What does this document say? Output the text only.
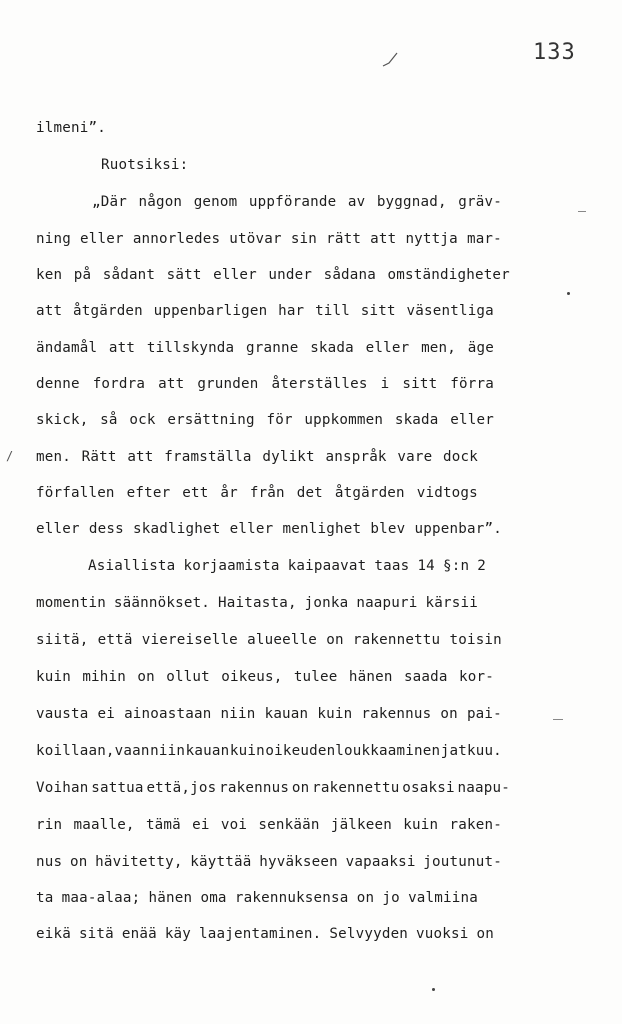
133
/
ilmeni”.
Ruotsiksi:
„Där någon genom uppförande av byggnad, gräv-
ning eller annorledes utövar sin rätt att nyttja mar-
ken på sådant sätt eller under sådana omständigheter
att åtgärden uppenbarligen har till sitt väsentliga
ändamål att tillskynda granne skada eller men, äge
denne fordra att grunden återställes i sitt förra
skick, så ock ersättning för uppkommen skada eller
men. Rätt att framställa dylikt anspråk vare dock
förfallen efter ett år från det åtgärden vidtogs
eller dess skadlighet eller menlighet blev uppenbar”.
Asiallista korjaamista kaipaavat taas 14 §:n 2
momentin säännökset. Haitasta, jonka naapuri kärsii
siitä, että viereiselle alueelle on rakennettu toisin
kuin mihin on ollut oikeus, tulee hänen saada kor-
vausta ei ainoastaan niin kauan kuin rakennus on pai-
koillaan,vaan niin kauan kuin oikeudenloukkaaminen jatkuu.
Voihan sattua että,jos rakennus on rakennettu osaksi naapu-
rin maalle, tämä ei voi senkään jälkeen kuin raken-
nus on hävitetty, käyttää hyväkseen vapaaksi joutunut-
ta maa-alaa; hänen oma rakennuksensa on jo valmiina
eikä sitä enää käy laajentaminen. Selvyyden vuoksi on
